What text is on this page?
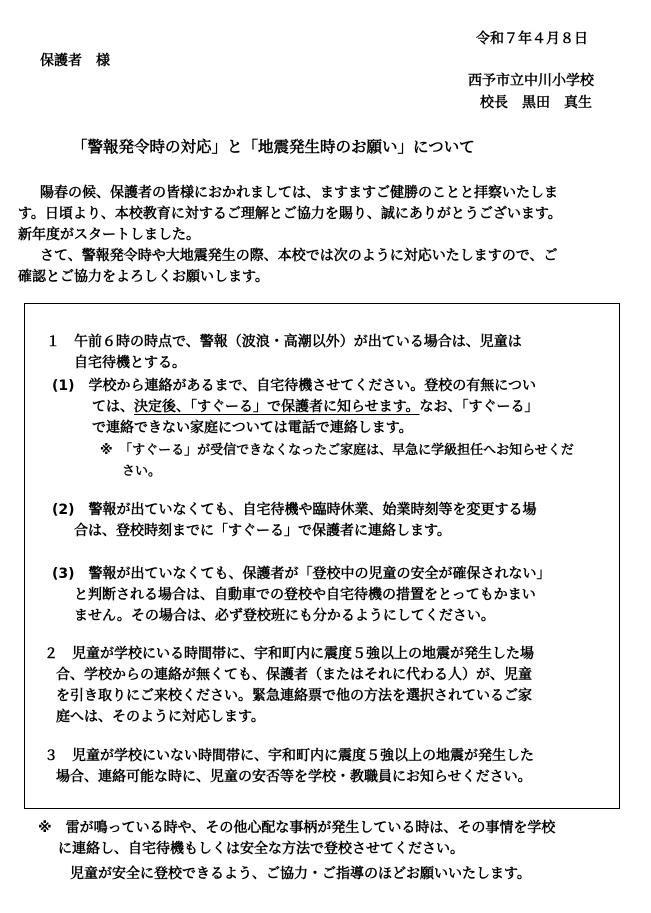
令和７年４月８日
保護者　様
西予市立中川小学校
校長　黒田　真生
「警報発令時の対応」と「地震発生時のお願い」について
陽春の候、保護者の皆様におかれましては、ますますご健勝のことと拝察いたしま
す。日頃より、本校教育に対するご理解とご協力を賜り、誠にありがとうございます。
新年度がスタートしました。
さて、警報発令時や大地震発生の際、本校では次のように対応いたしますので、ご
確認とご協力をよろしくお願いします。
１　午前６時の時点で、警報（波浪・高潮以外）が出ている場合は、児童は
自宅待機とする。
(1)　学校から連絡があるまで、自宅待機させてください。登校の有無につい
ては、決定後、「すぐーる」で保護者に知らせます。なお、「すぐーる」
で連絡できない家庭については電話で連絡します。
※　「すぐーる」が受信できなくなったご家庭は、早急に学級担任へお知らせくだ
さい。
(2)　警報が出ていなくても、自宅待機や臨時休業、始業時刻等を変更する場
合は、登校時刻までに「すぐーる」で保護者に連絡します。
(3)　警報が出ていなくても、保護者が「登校中の児童の安全が確保されない」
と判断される場合は、自動車での登校や自宅待機の措置をとってもかまい
ません。その場合は、必ず登校班にも分かるようにしてください。
２　児童が学校にいる時間帯に、宇和町内に震度５強以上の地震が発生した場
合、学校からの連絡が無くても、保護者（またはそれに代わる人）が、児童
を引き取りにご来校ください。緊急連絡票で他の方法を選択されているご家
庭へは、そのように対応します。
３　児童が学校にいない時間帯に、宇和町内に震度５強以上の地震が発生した
場合、連絡可能な時に、児童の安否等を学校・教職員にお知らせください。
※　雷が鳴っている時や、その他心配な事柄が発生している時は、その事情を学校
に連絡し、自宅待機もしくは安全な方法で登校させてください。
児童が安全に登校できるよう、ご協力・ご指導のほどお願いいたします。
